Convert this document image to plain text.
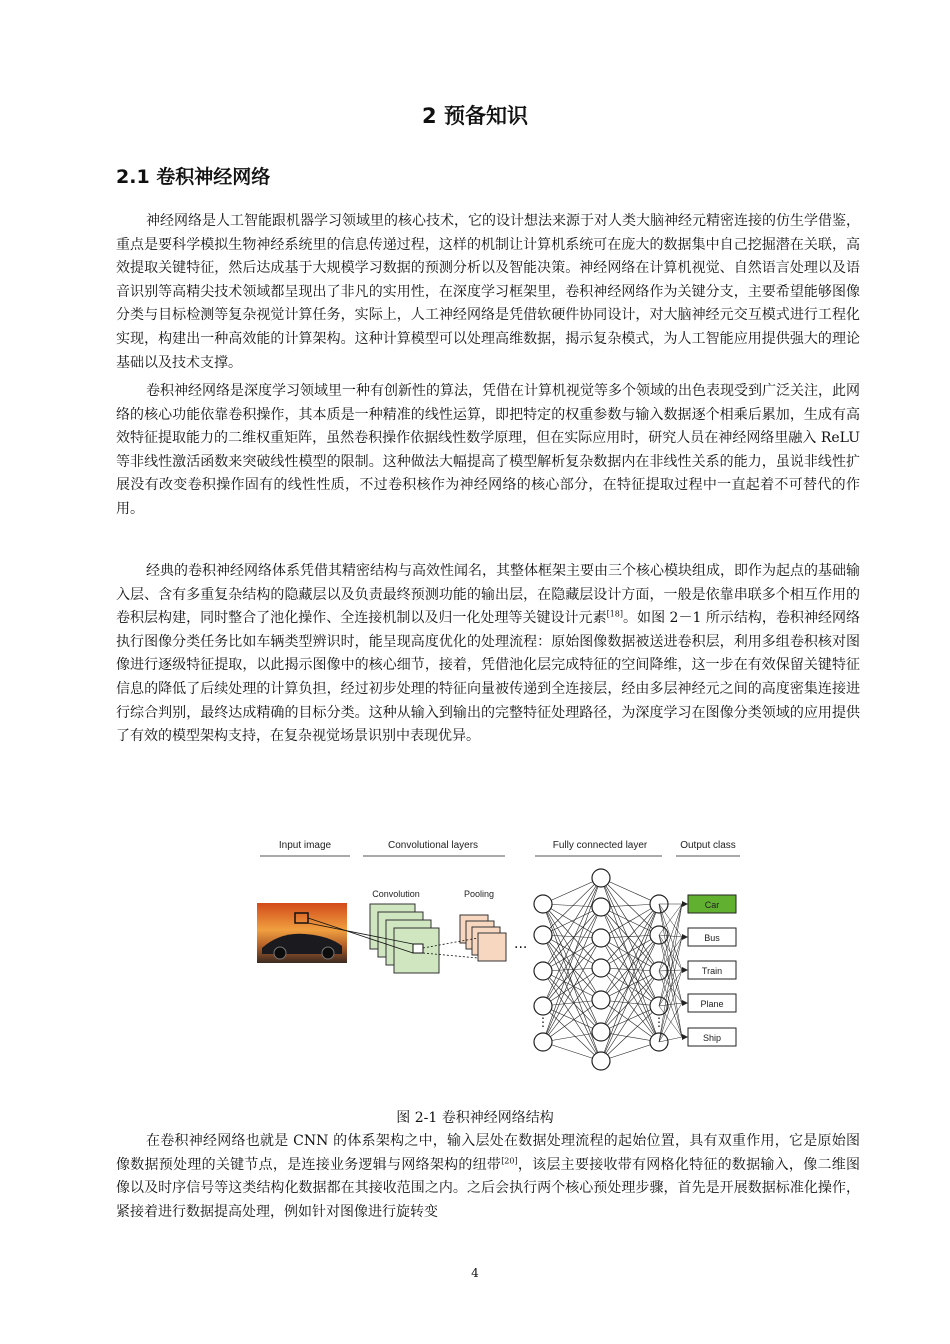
2 预备知识
2.1 卷积神经网络

神经网络是人工智能跟机器学习领域里的核心技术，它的设计想法来源于对人类大脑神经元精密连接的仿生学借鉴，重点是要科学模拟生物神经系统里的信息传递过程，这样的机制让计算机系统可在庞大的数据集中自己挖掘潜在关联，高效提取关键特征，然后达成基于大规模学习数据的预测分析以及智能决策。神经网络在计算机视觉、自然语言处理以及语音识别等高精尖技术领域都呈现出了非凡的实用性，在深度学习框架里，卷积神经网络作为关键分支，主要希望能够图像分类与目标检测等复杂视觉计算任务，实际上，人工神经网络是凭借软硬件协同设计，对大脑神经元交互模式进行工程化实现，构建出一种高效能的计算架构。这种计算模型可以处理高维数据，揭示复杂模式，为人工智能应用提供强大的理论基础以及技术支撑。

卷积神经网络是深度学习领域里一种有创新性的算法，凭借在计算机视觉等多个领域的出色表现受到广泛关注，此网络的核心功能依靠卷积操作，其本质是一种精准的线性运算，即把特定的权重参数与输入数据逐个相乘后累加，生成有高效特征提取能力的二维权重矩阵，虽然卷积操作依据线性数学原理，但在实际应用时，研究人员在神经网络里融入 ReLU 等非线性激活函数来突破线性模型的限制。这种做法大幅提高了模型解析复杂数据内在非线性关系的能力，虽说非线性扩展没有改变卷积操作固有的线性性质，不过卷积核作为神经网络的核心部分，在特征提取过程中一直起着不可替代的作用。

经典的卷积神经网络体系凭借其精密结构与高效性闻名，其整体框架主要由三个核心模块组成，即作为起点的基础输入层、含有多重复杂结构的隐藏层以及负责最终预测功能的输出层，在隐藏层设计方面，一般是依靠串联多个相互作用的卷积层构建，同时整合了池化操作、全连接机制以及归一化处理等关键设计元素[18]。如图 2－1 所示结构，卷积神经网络执行图像分类任务比如车辆类型辨识时，能呈现高度优化的处理流程：原始图像数据被送进卷积层，利用多组卷积核对图像进行逐级特征提取，以此揭示图像中的核心细节，接着，凭借池化层完成特征的空间降维，这一步在有效保留关键特征信息的降低了后续处理的计算负担，经过初步处理的特征向量被传递到全连接层，经由多层神经元之间的高度密集连接进行综合判别，最终达成精确的目标分类。这种从输入到输出的完整特征处理路径，为深度学习在图像分类领域的应用提供了有效的模型架构支持，在复杂视觉场景识别中表现优异。

Input image	Convolutional layers	Fully connected layer	Output class
Convolution	Pooling
···
⋮	⋮
Car
Bus
Train
Plane
Ship

图 2-1 卷积神经网络结构

在卷积神经网络也就是 CNN 的体系架构之中，输入层处在数据处理流程的起始位置，具有双重作用，它是原始图像数据预处理的关键节点，是连接业务逻辑与网络架构的纽带[20]，该层主要接收带有网格化特征的数据输入，像二维图像以及时序信号等这类结构化数据都在其接收范围之内。之后会执行两个核心预处理步骤，首先是开展数据标准化操作，紧接着进行数据提高处理，例如针对图像进行旋转变

4
